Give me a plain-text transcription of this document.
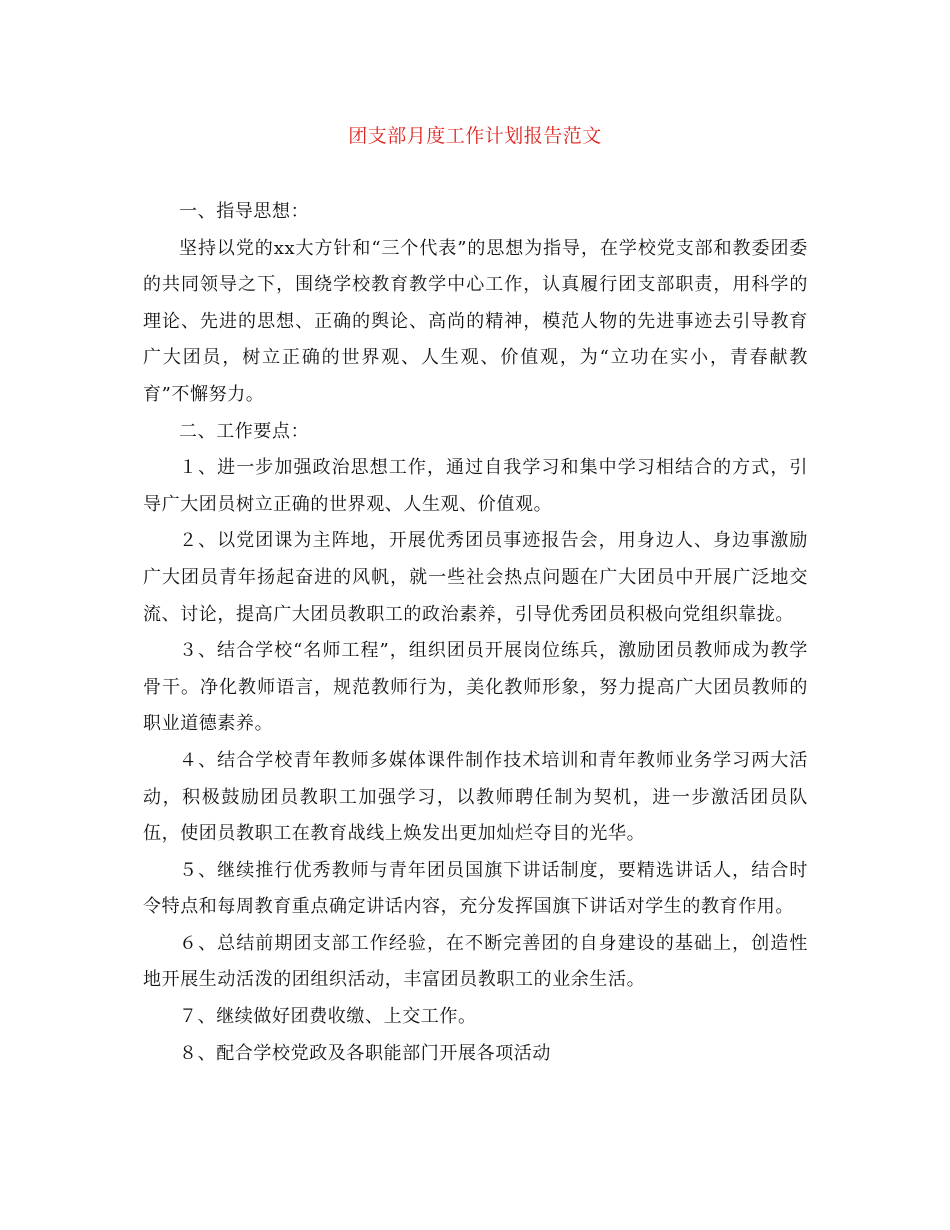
团支部月度工作计划报告范文

一、指导思想：

坚持以党的xx大方针和“三个代表”的思想为指导，在学校党支部和教委团委的共同领导之下，围绕学校教育教学中心工作，认真履行团支部职责，用科学的理论、先进的思想、正确的舆论、高尚的精神，模范人物的先进事迹去引导教育广大团员，树立正确的世界观、人生观、价值观，为“立功在实小，青春献教育”不懈努力。

二、工作要点：

１、进一步加强政治思想工作，通过自我学习和集中学习相结合的方式，引导广大团员树立正确的世界观、人生观、价值观。

２、以党团课为主阵地，开展优秀团员事迹报告会，用身边人、身边事激励广大团员青年扬起奋进的风帆，就一些社会热点问题在广大团员中开展广泛地交流、讨论，提高广大团员教职工的政治素养，引导优秀团员积极向党组织靠拢。

３、结合学校“名师工程”，组织团员开展岗位练兵，激励团员教师成为教学骨干。净化教师语言，规范教师行为，美化教师形象，努力提高广大团员教师的职业道德素养。

４、结合学校青年教师多媒体课件制作技术培训和青年教师业务学习两大活动，积极鼓励团员教职工加强学习，以教师聘任制为契机，进一步激活团员队伍，使团员教职工在教育战线上焕发出更加灿烂夺目的光华。

５、继续推行优秀教师与青年团员国旗下讲话制度，要精选讲话人，结合时令特点和每周教育重点确定讲话内容，充分发挥国旗下讲话对学生的教育作用。

６、总结前期团支部工作经验，在不断完善团的自身建设的基础上，创造性地开展生动活泼的团组织活动，丰富团员教职工的业余生活。

７、继续做好团费收缴、上交工作。

８、配合学校党政及各职能部门开展各项活动
